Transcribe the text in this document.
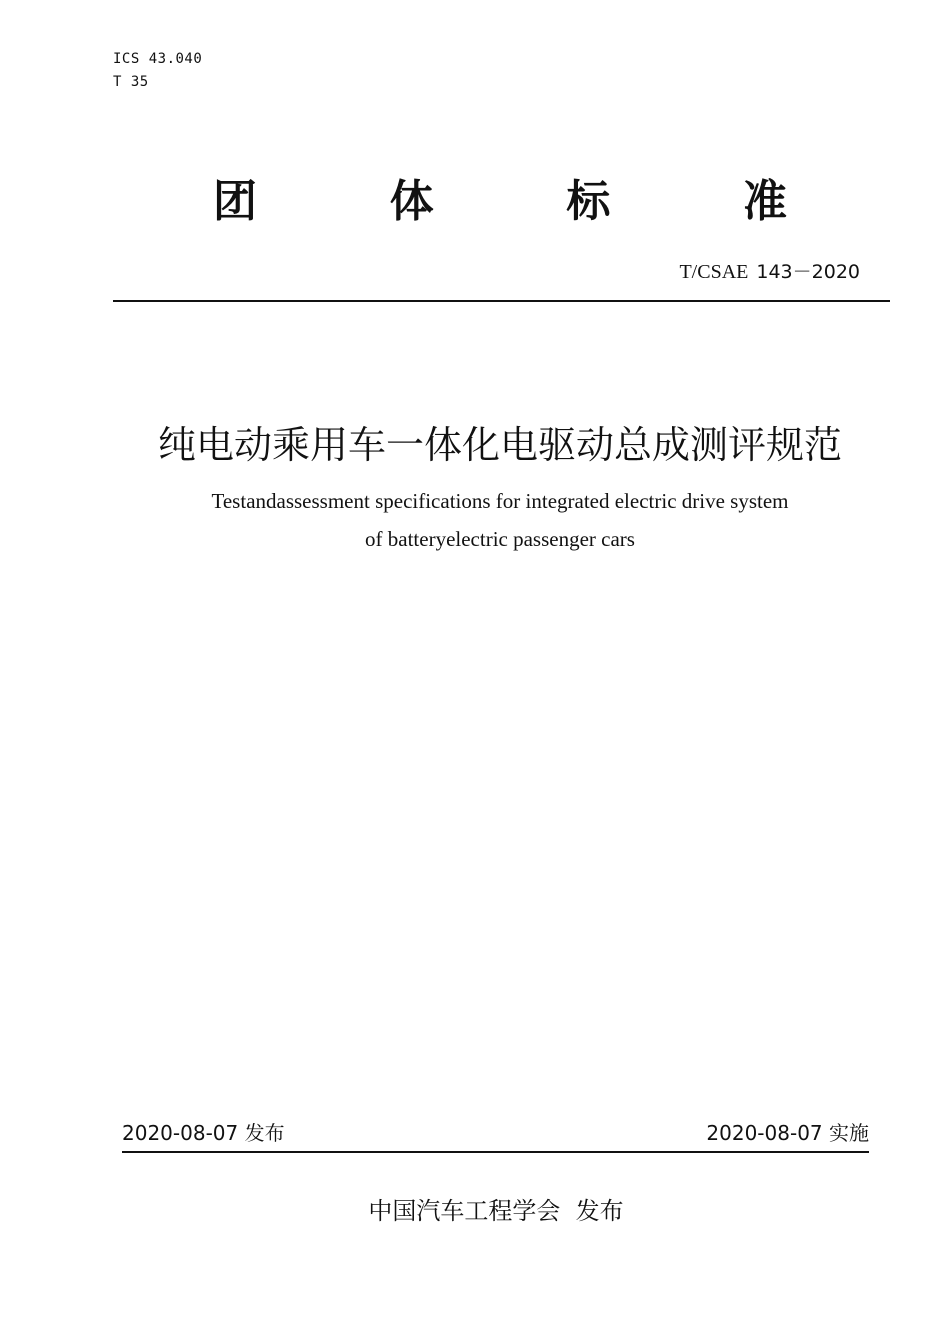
ICS 43.040
T 35
团	体	标	准
T/CSAE 143－2020
纯电动乘用车一体化电驱动总成测评规范
Testandassessment specifications for integrated electric drive system
of batteryelectric passenger cars
2020-08-07 发布	2020-08-07 实施
中国汽车工程学会  发布
